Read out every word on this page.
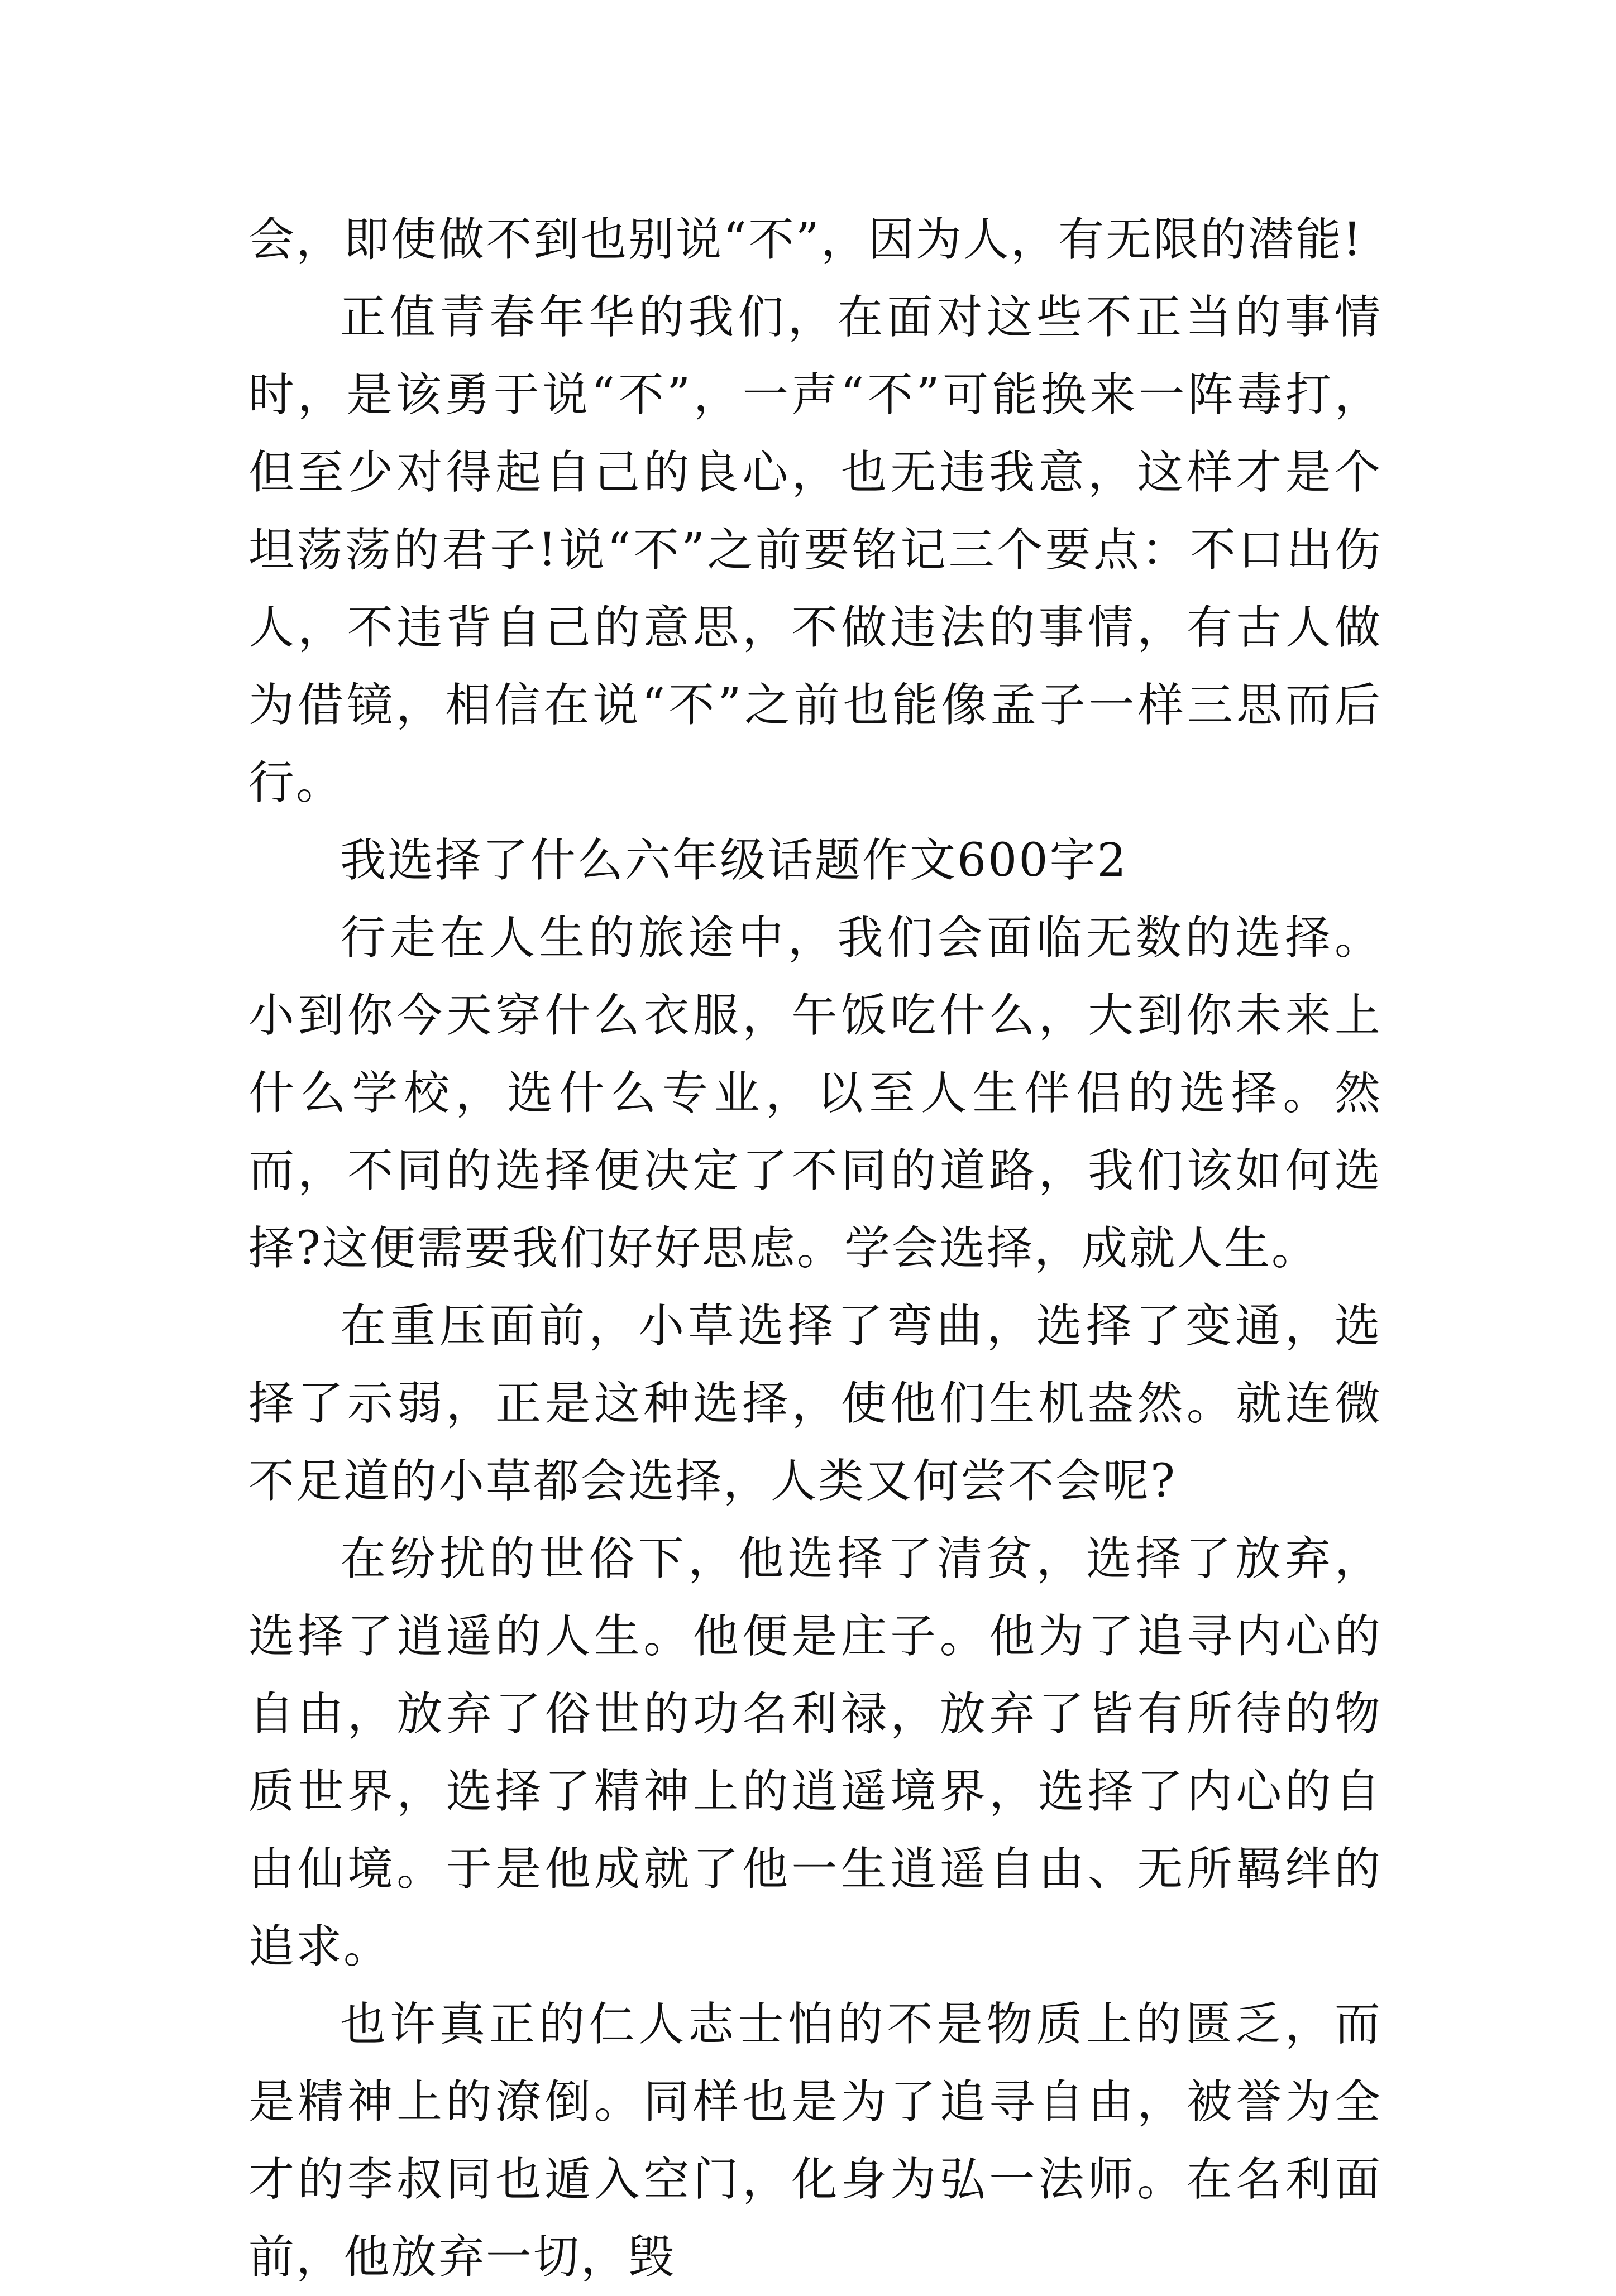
会，即使做不到也别说“不”，因为人，有无限的潜能!

正值青春年华的我们，在面对这些不正当的事情时，是该勇于说“不”，一声“不”可能换来一阵毒打，但至少对得起自己的良心，也无违我意，这样才是个坦荡荡的君子!说“不”之前要铭记三个要点：不口出伤人，不违背自己的意思，不做违法的事情，有古人做为借镜，相信在说“不”之前也能像孟子一样三思而后行。

我选择了什么六年级话题作文600字2

行走在人生的旅途中，我们会面临无数的选择。小到你今天穿什么衣服，午饭吃什么，大到你未来上什么学校，选什么专业，以至人生伴侣的选择。然而，不同的选择便决定了不同的道路，我们该如何选择?这便需要我们好好思虑。学会选择，成就人生。

在重压面前，小草选择了弯曲，选择了变通，选择了示弱，正是这种选择，使他们生机盎然。就连微不足道的小草都会选择，人类又何尝不会呢?

在纷扰的世俗下，他选择了清贫，选择了放弃，选择了逍遥的人生。他便是庄子。他为了追寻内心的自由，放弃了俗世的功名利禄，放弃了皆有所待的物质世界，选择了精神上的逍遥境界，选择了内心的自由仙境。于是他成就了他一生逍遥自由、无所羁绊的追求。

也许真正的仁人志士怕的不是物质上的匮乏，而是精神上的潦倒。同样也是为了追寻自由，被誉为全才的李叔同也遁入空门，化身为弘一法师。在名利面前，他放弃一切，毁
